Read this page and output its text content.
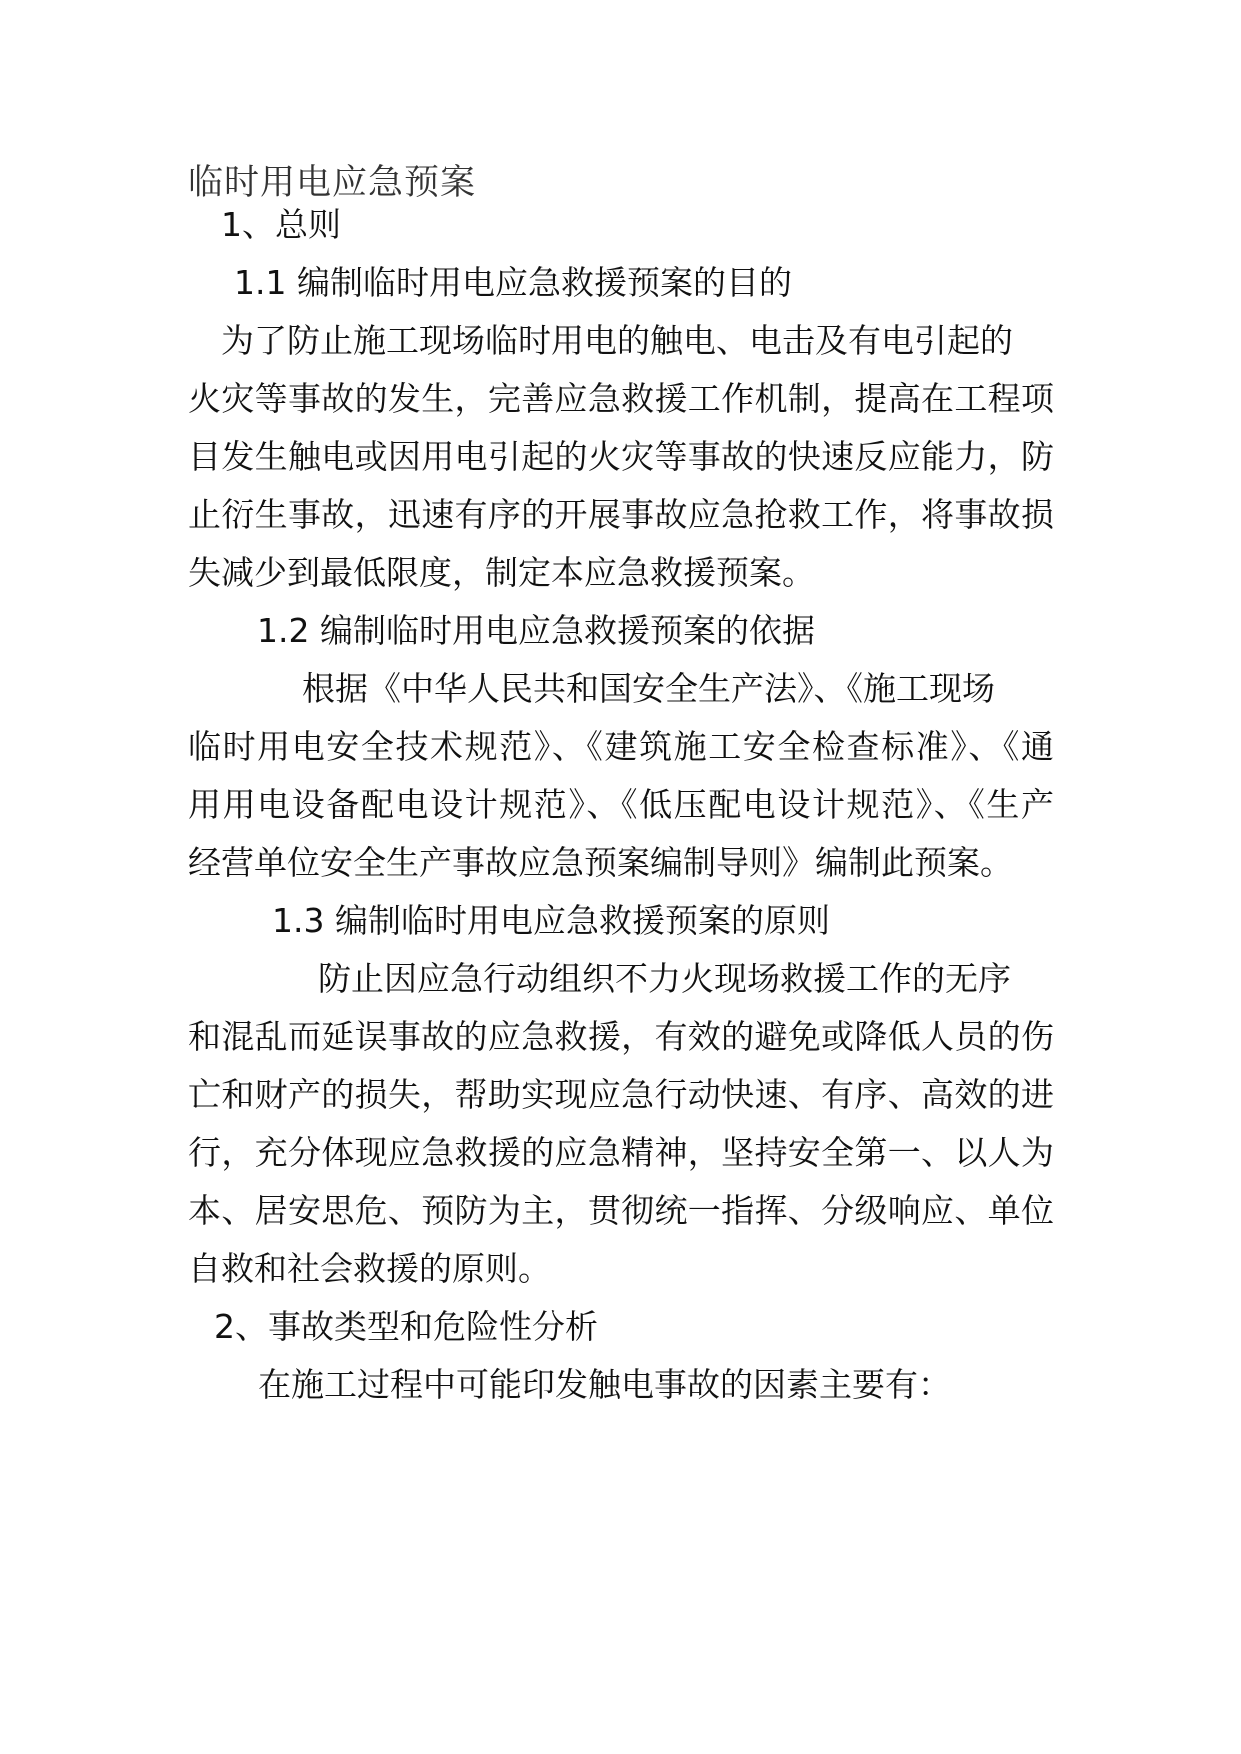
临时用电应急预案
1、总则
1.1 编制临时用电应急救援预案的目的
为了防止施工现场临时用电的触电、电击及有电引起的
火灾等事故的发生，完善应急救援工作机制，提高在工程项
目发生触电或因用电引起的火灾等事故的快速反应能力，防
止衍生事故，迅速有序的开展事故应急抢救工作，将事故损
失减少到最低限度，制定本应急救援预案。
1.2 编制临时用电应急救援预案的依据
根据《中华人民共和国安全生产法》、《施工现场
临时用电安全技术规范》、《建筑施工安全检查标准》、《通
用用电设备配电设计规范》、《低压配电设计规范》、《生产
经营单位安全生产事故应急预案编制导则》编制此预案。
1.3 编制临时用电应急救援预案的原则
防止因应急行动组织不力火现场救援工作的无序
和混乱而延误事故的应急救援，有效的避免或降低人员的伤
亡和财产的损失，帮助实现应急行动快速、有序、高效的进
行，充分体现应急救援的应急精神，坚持安全第一、以人为
本、居安思危、预防为主，贯彻统一指挥、分级响应、单位
自救和社会救援的原则。
2、事故类型和危险性分析
在施工过程中可能印发触电事故的因素主要有：
